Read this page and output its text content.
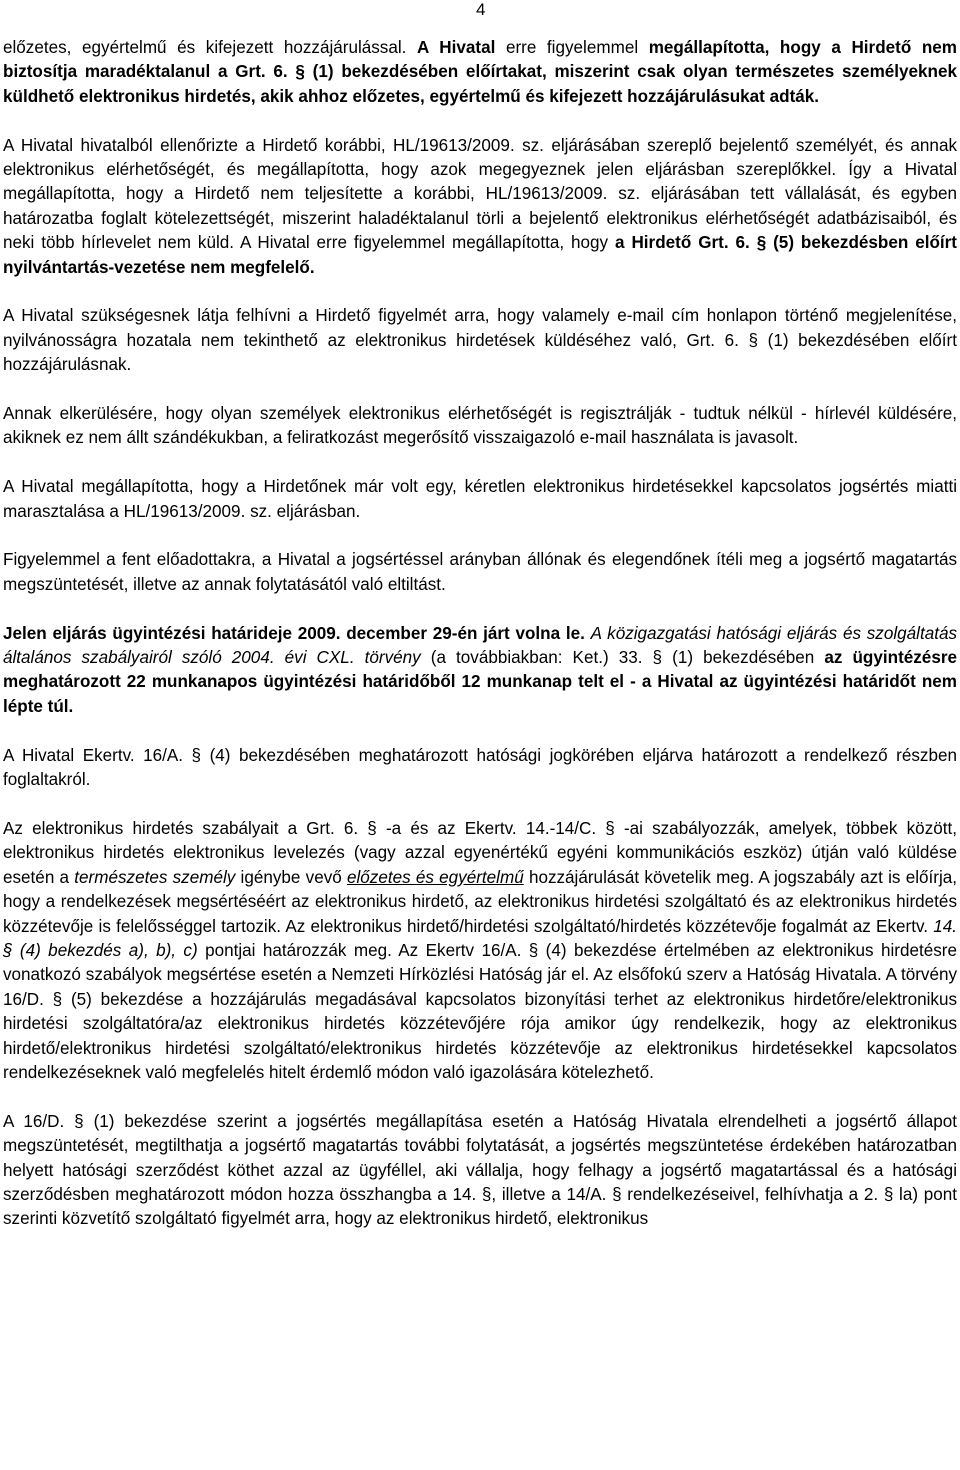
4

előzetes, egyértelmű és kifejezett hozzájárulással. A Hivatal erre figyelemmel megállapította, hogy a Hirdető nem biztosítja maradéktalanul a Grt. 6. § (1) bekezdésében előírtakat, miszerint csak olyan természetes személyeknek küldhető elektronikus hirdetés, akik ahhoz előzetes, egyértelmű és kifejezett hozzájárulásukat adták.

A Hivatal hivatalból ellenőrizte a Hirdető korábbi, HL/19613/2009. sz. eljárásában szereplő bejelentő személyét, és annak elektronikus elérhetőségét, és megállapította, hogy azok megegyeznek jelen eljárásban szereplőkkel. Így a Hivatal megállapította, hogy a Hirdető nem teljesítette a korábbi, HL/19613/2009. sz. eljárásában tett vállalását, és egyben határozatba foglalt kötelezettségét, miszerint haladéktalanul törli a bejelentő elektronikus elérhetőségét adatbázisaiból, és neki több hírlevelet nem küld. A Hivatal erre figyelemmel megállapította, hogy a Hirdető Grt. 6. § (5) bekezdésben előírt nyilvántartás-vezetése nem megfelelő.

A Hivatal szükségesnek látja felhívni a Hirdető figyelmét arra, hogy valamely e-mail cím honlapon történő megjelenítése, nyilvánosságra hozatala nem tekinthető az elektronikus hirdetések küldéséhez való, Grt. 6. § (1) bekezdésében előírt hozzájárulásnak.

Annak elkerülésére, hogy olyan személyek elektronikus elérhetőségét is regisztrálják - tudtuk nélkül - hírlevél küldésére, akiknek ez nem állt szándékukban, a feliratkozást megerősítő visszaigazoló e-mail használata is javasolt.

A Hivatal megállapította, hogy a Hirdetőnek már volt egy, kéretlen elektronikus hirdetésekkel kapcsolatos jogsértés miatti marasztalása a HL/19613/2009. sz. eljárásban.

Figyelemmel a fent előadottakra, a Hivatal a jogsértéssel arányban állónak és elegendőnek ítéli meg a jogsértő magatartás megszüntetését, illetve az annak folytatásától való eltiltást.

Jelen eljárás ügyintézési határideje 2009. december 29-én járt volna le. A közigazgatási hatósági eljárás és szolgáltatás általános szabályairól szóló 2004. évi CXL. törvény (a továbbiakban: Ket.) 33. § (1) bekezdésében az ügyintézésre meghatározott 22 munkanapos ügyintézési határidőből 12 munkanap telt el - a Hivatal az ügyintézési határidőt nem lépte túl.

A Hivatal Ekertv. 16/A. § (4) bekezdésében meghatározott hatósági jogkörében eljárva határozott a rendelkező részben foglaltakról.

Az elektronikus hirdetés szabályait a Grt. 6. § -a és az Ekertv. 14.-14/C. § -ai szabályozzák, amelyek, többek között, elektronikus hirdetés elektronikus levelezés (vagy azzal egyenértékű egyéni kommunikációs eszköz) útján való küldése esetén a természetes személy igénybe vevő előzetes és egyértelmű hozzájárulását követelik meg. A jogszabály azt is előírja, hogy a rendelkezések megsértéséért az elektronikus hirdető, az elektronikus hirdetési szolgáltató és az elektronikus hirdetés közzétevője is felelősséggel tartozik. Az elektronikus hirdető/hirdetési szolgáltató/hirdetés közzétevője fogalmát az Ekertv. 14. § (4) bekezdés a), b), c) pontjai határozzák meg. Az Ekertv 16/A. § (4) bekezdése értelmében az elektronikus hirdetésre vonatkozó szabályok megsértése esetén a Nemzeti Hírközlési Hatóság jár el. Az elsőfokú szerv a Hatóság Hivatala. A törvény 16/D. § (5) bekezdése a hozzájárulás megadásával kapcsolatos bizonyítási terhet az elektronikus hirdetőre/elektronikus hirdetési szolgáltatóra/az elektronikus hirdetés közzétevőjére rója amikor úgy rendelkezik, hogy az elektronikus hirdető/elektronikus hirdetési szolgáltató/elektronikus hirdetés közzétevője az elektronikus hirdetésekkel kapcsolatos rendelkezéseknek való megfelelés hitelt érdemlő módon való igazolására kötelezhető.

A 16/D. § (1) bekezdése szerint a jogsértés megállapítása esetén a Hatóság Hivatala elrendelheti a jogsértő állapot megszüntetését, megtilthatja a jogsértő magatartás további folytatását, a jogsértés megszüntetése érdekében határozatban helyett hatósági szerződést köthet azzal az ügyféllel, aki vállalja, hogy felhagy a jogsértő magatartással és a hatósági szerződésben meghatározott módon hozza összhangba a 14. §, illetve a 14/A. § rendelkezéseivel, felhívhatja a 2. § la) pont szerinti közvetítő szolgáltató figyelmét arra, hogy az elektronikus hirdető, elektronikus
